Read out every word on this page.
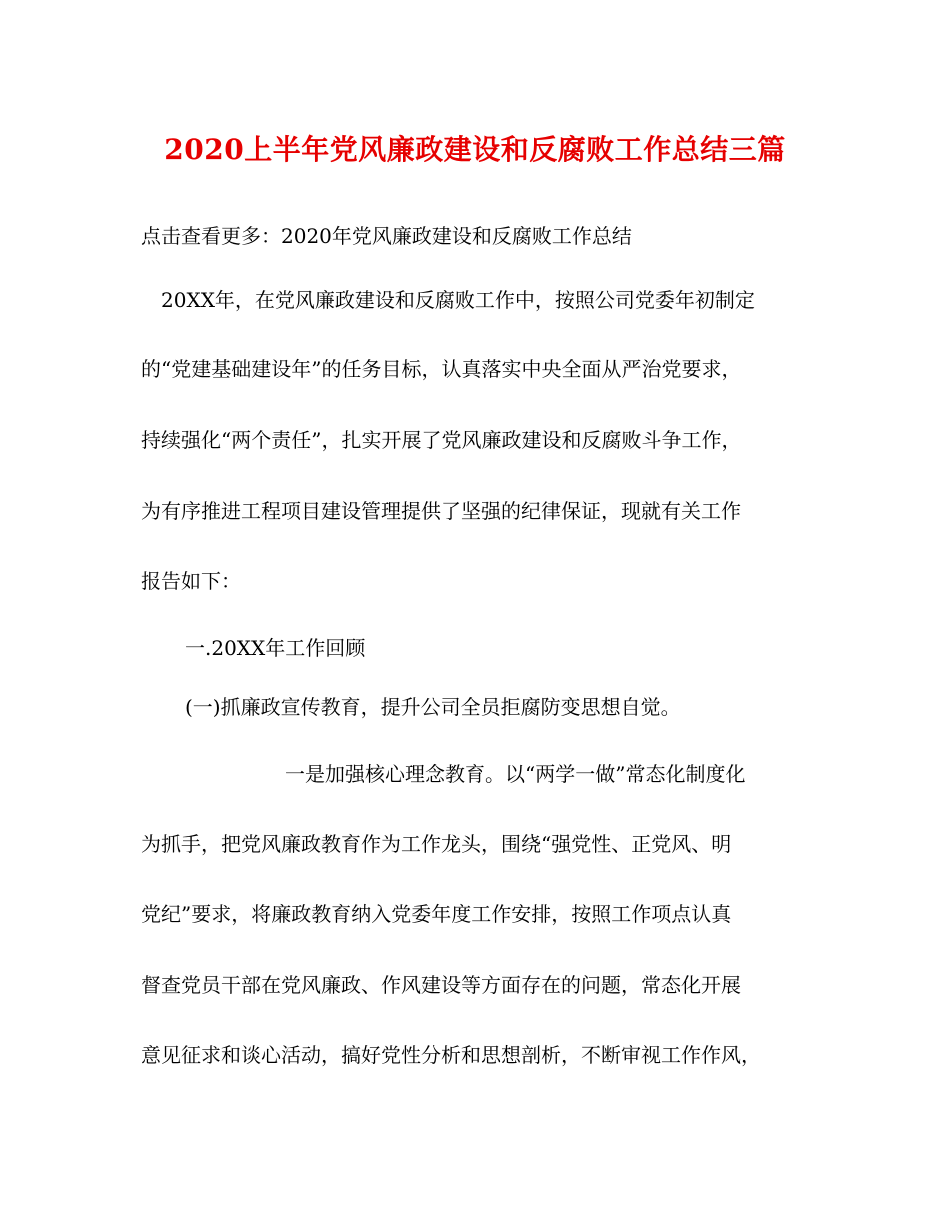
2020上半年党风廉政建设和反腐败工作总结三篇
点击查看更多：2020年党风廉政建设和反腐败工作总结
20XX年，在党风廉政建设和反腐败工作中，按照公司党委年初制定
的“党建基础建设年”的任务目标，认真落实中央全面从严治党要求，
持续强化“两个责任”，扎实开展了党风廉政建设和反腐败斗争工作，
为有序推进工程项目建设管理提供了坚强的纪律保证，现就有关工作
报告如下：
一.20XX年工作回顾
(一)抓廉政宣传教育，提升公司全员拒腐防变思想自觉。
一是加强核心理念教育。以“两学一做”常态化制度化
为抓手，把党风廉政教育作为工作龙头，围绕“强党性、正党风、明
党纪”要求，将廉政教育纳入党委年度工作安排，按照工作项点认真
督查党员干部在党风廉政、作风建设等方面存在的问题，常态化开展
意见征求和谈心活动，搞好党性分析和思想剖析，不断审视工作作风，
